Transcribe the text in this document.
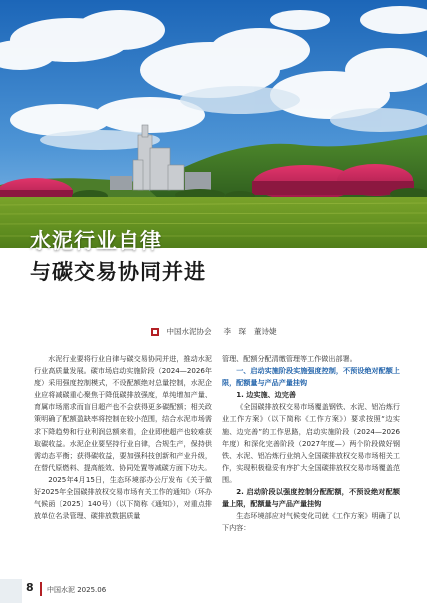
水泥行业自律
与碳交易协同并进
中国水泥协会 李　琛 董诗婕

水泥行业要将行业自律与碳交易协同并进，推动水泥行业高质量发展。碳市场启动实施阶段（2024—2026年度）采用强度控制模式，不设配额绝对总量控制，水泥企业应将减碳重心聚焦于降低碳排放强度，单纯增加产量、育属市场需求而盲目超产也不会获得更多碳配额；相关政策明确了配额盈缺率将控制在较小范围，结合水泥市场需求下降趋势和行业利润总额来看，企业即使超产也较难获取碳收益。水泥企业要坚持行业自律，合规生产，保持供需动态平衡；获得碳收益，要加强科技创新和产业升级，在替代原燃料、提高能效、协同处置等减碳方面下功夫。

2025年4月15日，生态环境部办公厅发布《关于做好2025年全国碳排放权交易市场有关工作的通知》（环办气候函〔2025〕140号）（以下简称《通知》），对重点排放单位名录管理、碳排放数据质量

管理、配额分配清缴管理等工作做出部署。

一、启动实施阶段实施强度控制，不预设绝对配额上限，配额量与产品产量挂钩

1. 边实施、边完善

《全国碳排放权交易市场覆盖钢铁、水泥、铝冶炼行业工作方案》（以下简称《工作方案》）要求按照“边实施、边完善”的工作思路，启动实施阶段（2024—2026年度）和深化完善阶段（2027年度—）两个阶段做好钢铁、水泥、铝冶炼行业纳入全国碳排放权交易市场相关工作，实现积极稳妥有序扩大全国碳排放权交易市场覆盖范围。

2. 启动阶段以强度控制分配配额，不预设绝对配额量上限，配额量与产品产量挂钩

生态环境部应对气候变化司就《工作方案》明确了以下内容：

8 中国水泥 2025.06
